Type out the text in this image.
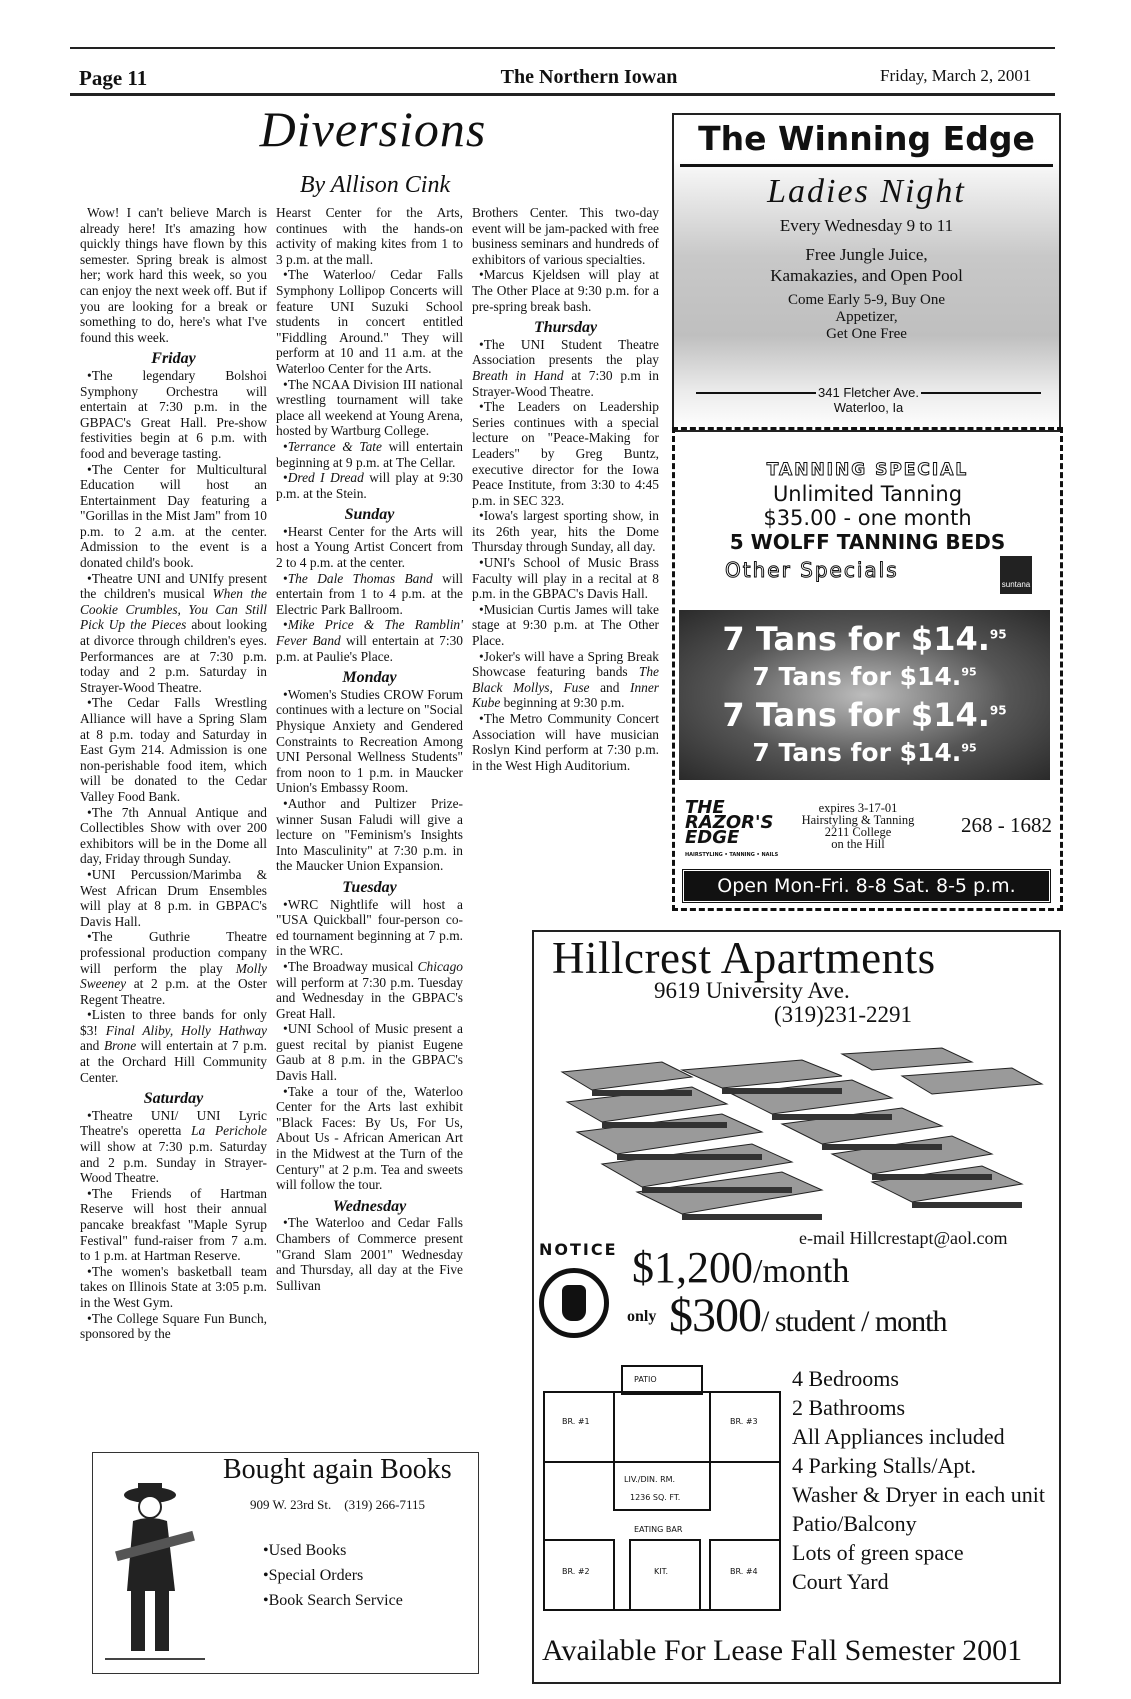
Page 11	The Northern Iowan	Friday, March 2, 2001
Diversions
By Allison Cink

Wow! I can't believe March is already here! It's amazing how quickly things have flown by this semester. Spring break is almost her; work hard this week, so you can enjoy the next week off. But if you are looking for a break or something to do, here's what I've found this week.

Friday

•The legendary Bolshoi Symphony Orchestra will entertain at 7:30 p.m. in the GBPAC's Great Hall. Pre-show festivities begin at 6 p.m. with food and beverage tasting.

•The Center for Multicultural Education will host an Entertainment Day featuring a "Gorillas in the Mist Jam" from 10 p.m. to 2 a.m. at the center. Admission to the event is a donated child's book.

•Theatre UNI and UNIfy present the children's musical When the Cookie Crumbles, You Can Still Pick Up the Pieces about looking at divorce through children's eyes. Performances are at 7:30 p.m. today and 2 p.m. Saturday in Strayer-Wood Theatre.

•The Cedar Falls Wrestling Alliance will have a Spring Slam at 8 p.m. today and Saturday in East Gym 214. Admission is one non-perishable food item, which will be donated to the Cedar Valley Food Bank.

•The 7th Annual Antique and Collectibles Show with over 200 exhibitors will be in the Dome all day, Friday through Sunday.

•UNI Percussion/Marimba & West African Drum Ensembles will play at 8 p.m. in GBPAC's Davis Hall.

•The Guthrie Theatre professional production company will perform the play Molly Sweeney at 2 p.m. at the Oster Regent Theatre.

•Listen to three bands for only $3! Final Aliby, Holly Hathway and Brone will entertain at 7 p.m. at the Orchard Hill Community Center.

Saturday

•Theatre UNI/ UNI Lyric Theatre's operetta La Perichole will show at 7:30 p.m. Saturday and 2 p.m. Sunday in Strayer-Wood Theatre.

•The Friends of Hartman Reserve will host their annual pancake breakfast "Maple Syrup Festival" fund-raiser from 7 a.m. to 1 p.m. at Hartman Reserve.

•The women's basketball team takes on Illinois State at 3:05 p.m. in the West Gym.

•The College Square Fun Bunch, sponsored by the

Hearst Center for the Arts, continues with the hands-on activity of making kites from 1 to 3 p.m. at the mall.

•The Waterloo/ Cedar Falls Symphony Lollipop Concerts will feature UNI Suzuki School students in concert entitled "Fiddling Around." They will perform at 10 and 11 a.m. at the Waterloo Center for the Arts.

•The NCAA Division III national wrestling tournament will take place all weekend at Young Arena, hosted by Wartburg College.

•Terrance & Tate will entertain beginning at 9 p.m. at The Cellar.

•Dred I Dread will play at 9:30 p.m. at the Stein.

Sunday

•Hearst Center for the Arts will host a Young Artist Concert from 2 to 4 p.m. at the center.

•The Dale Thomas Band will entertain from 1 to 4 p.m. at the Electric Park Ballroom.

•Mike Price & The Ramblin' Fever Band will entertain at 7:30 p.m. at Paulie's Place.

Monday

•Women's Studies CROW Forum continues with a lecture on "Social Physique Anxiety and Gendered Constraints to Recreation Among UNI Personal Wellness Students" from noon to 1 p.m. in Maucker Union's Embassy Room.

•Author and Pultizer Prize-winner Susan Faludi will give a lecture on "Feminism's Insights Into Masculinity" at 7:30 p.m. in the Maucker Union Expansion.

Tuesday

•WRC Nightlife will host a "USA Quickball" four-person co-ed tournament beginning at 7 p.m. in the WRC.

•The Broadway musical Chicago will perform at 7:30 p.m. Tuesday and Wednesday in the GBPAC's Great Hall.

•UNI School of Music present a guest recital by pianist Eugene Gaub at 8 p.m. in the GBPAC's Davis Hall.

•Take a tour of the, Waterloo Center for the Arts last exhibit "Black Faces: By Us, For Us, About Us - African American Art in the Midwest at the Turn of the Century" at 2 p.m. Tea and sweets will follow the tour.

Wednesday

•The Waterloo and Cedar Falls Chambers of Commerce present "Grand Slam 2001" Wednesday and Thursday, all day at the Five Sullivan

Brothers Center. This two-day event will be jam-packed with free business seminars and hundreds of exhibitors of various specialties.

•Marcus Kjeldsen will play at The Other Place at 9:30 p.m. for a pre-spring break bash.

Thursday

•The UNI Student Theatre Association presents the play Breath in Hand at 7:30 p.m in Strayer-Wood Theatre.

•The Leaders on Leadership Series continues with a special lecture on "Peace-Making for Leaders" by Greg Buntz, executive director for the Iowa Peace Institute, from 3:30 to 4:45 p.m. in SEC 323.

•Iowa's largest sporting show, in its 26th year, hits the Dome Thursday through Sunday, all day.

•UNI's School of Music Brass Faculty will play in a recital at 8 p.m. in the GBPAC's Davis Hall.

•Musician Curtis James will take stage at 9:30 p.m. at The Other Place.

•Joker's will have a Spring Break Showcase featuring bands The Black Mollys, Fuse and Inner Kube beginning at 9:30 p.m.

•The Metro Community Concert Association will have musician Roslyn Kind perform at 7:30 p.m. in the West High Auditorium.

The Winning Edge
Ladies Night
Every Wednesday 9 to 11
Free Jungle Juice,
Kamakazies, and Open Pool
Come Early 5-9, Buy One
Appetizer,
Get One Free
341 Fletcher Ave.
Waterloo, Ia
TANNING SPECIAL
Unlimited Tanning
$35.00 - one month
5 WOLFF TANNING BEDS
Other Specials
suntana
7 Tans for $14.95
7 Tans for $14.95
7 Tans for $14.95
7 Tans for $14.95
THE
RAZOR'S
EDGE
HAIRSTYLING • TANNING • NAILS
expires 3-17-01
Hairstyling & Tanning
2211 College
on the Hill
268 - 1682
Open Mon-Fri. 8-8 Sat. 8-5 p.m.
Hillcrest Apartments
9619 University Ave.
(319)231-2291
e-mail Hillcrestapt@aol.com
NOTICE $1,200/month
only $300/ student / month
PATIO
BR. #1	BR. #3
LIV./DIN. RM.
1236 SQ. FT.
EATING BAR
KIT.
BR. #2	BR. #4
4 Bedrooms
2 Bathrooms
All Appliances included
4 Parking Stalls/Apt.
Washer & Dryer in each unit
Patio/Balcony
Lots of green space
Court Yard
Available For Lease Fall Semester 2001
Bought again Books
909 W. 23rd St. (319) 266-7115
• Used Books
• Special Orders
• Book Search Service
